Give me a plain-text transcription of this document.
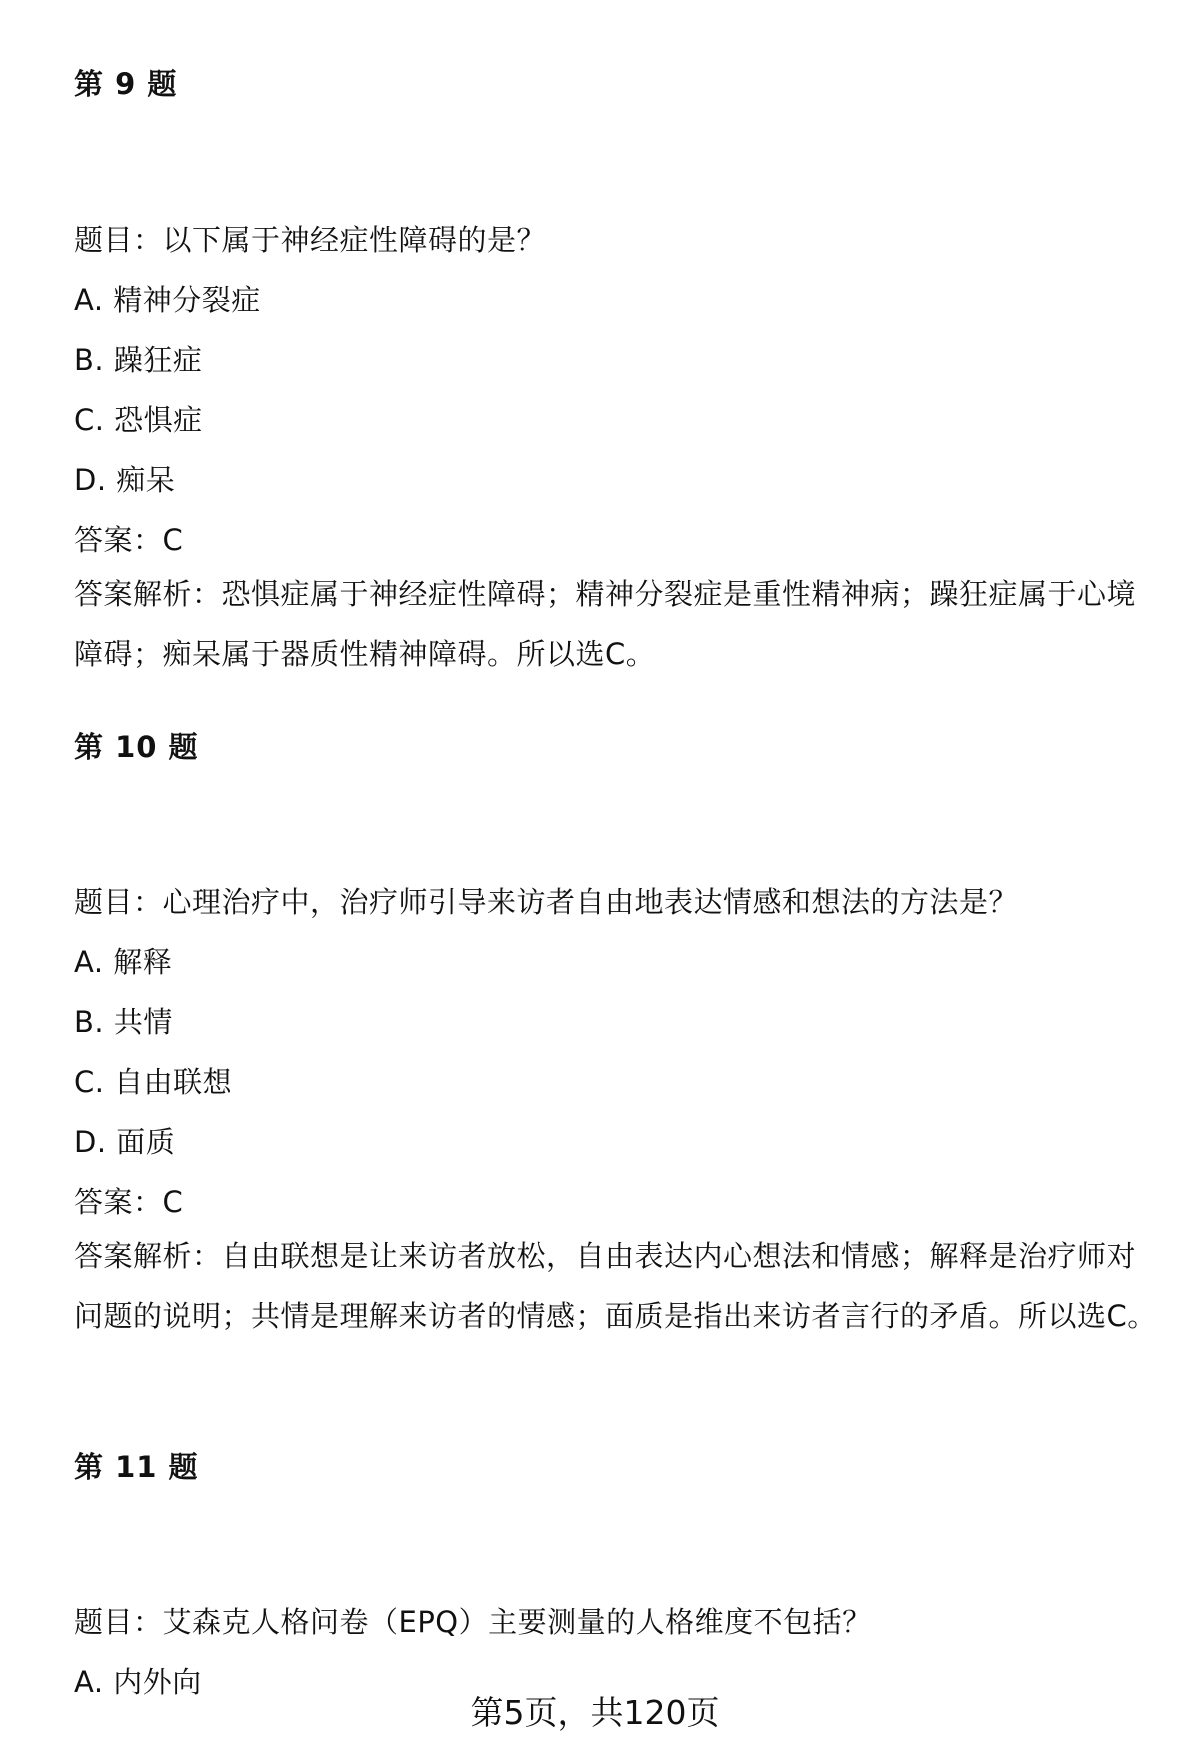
第 9 题
题目：以下属于神经症性障碍的是？
A. 精神分裂症
B. 躁狂症
C. 恐惧症
D. 痴呆
答案：C
答案解析：恐惧症属于神经症性障碍；精神分裂症是重性精神病；躁狂症属于心境障碍；痴呆属于器质性精神障碍。所以选C。
第 10 题
题目：心理治疗中，治疗师引导来访者自由地表达情感和想法的方法是？
A. 解释
B. 共情
C. 自由联想
D. 面质
答案：C
答案解析：自由联想是让来访者放松，自由表达内心想法和情感；解释是治疗师对问题的说明；共情是理解来访者的情感；面质是指出来访者言行的矛盾。所以选C。
第 11 题
题目：艾森克人格问卷（EPQ）主要测量的人格维度不包括？
A. 内外向
第5页，共120页
